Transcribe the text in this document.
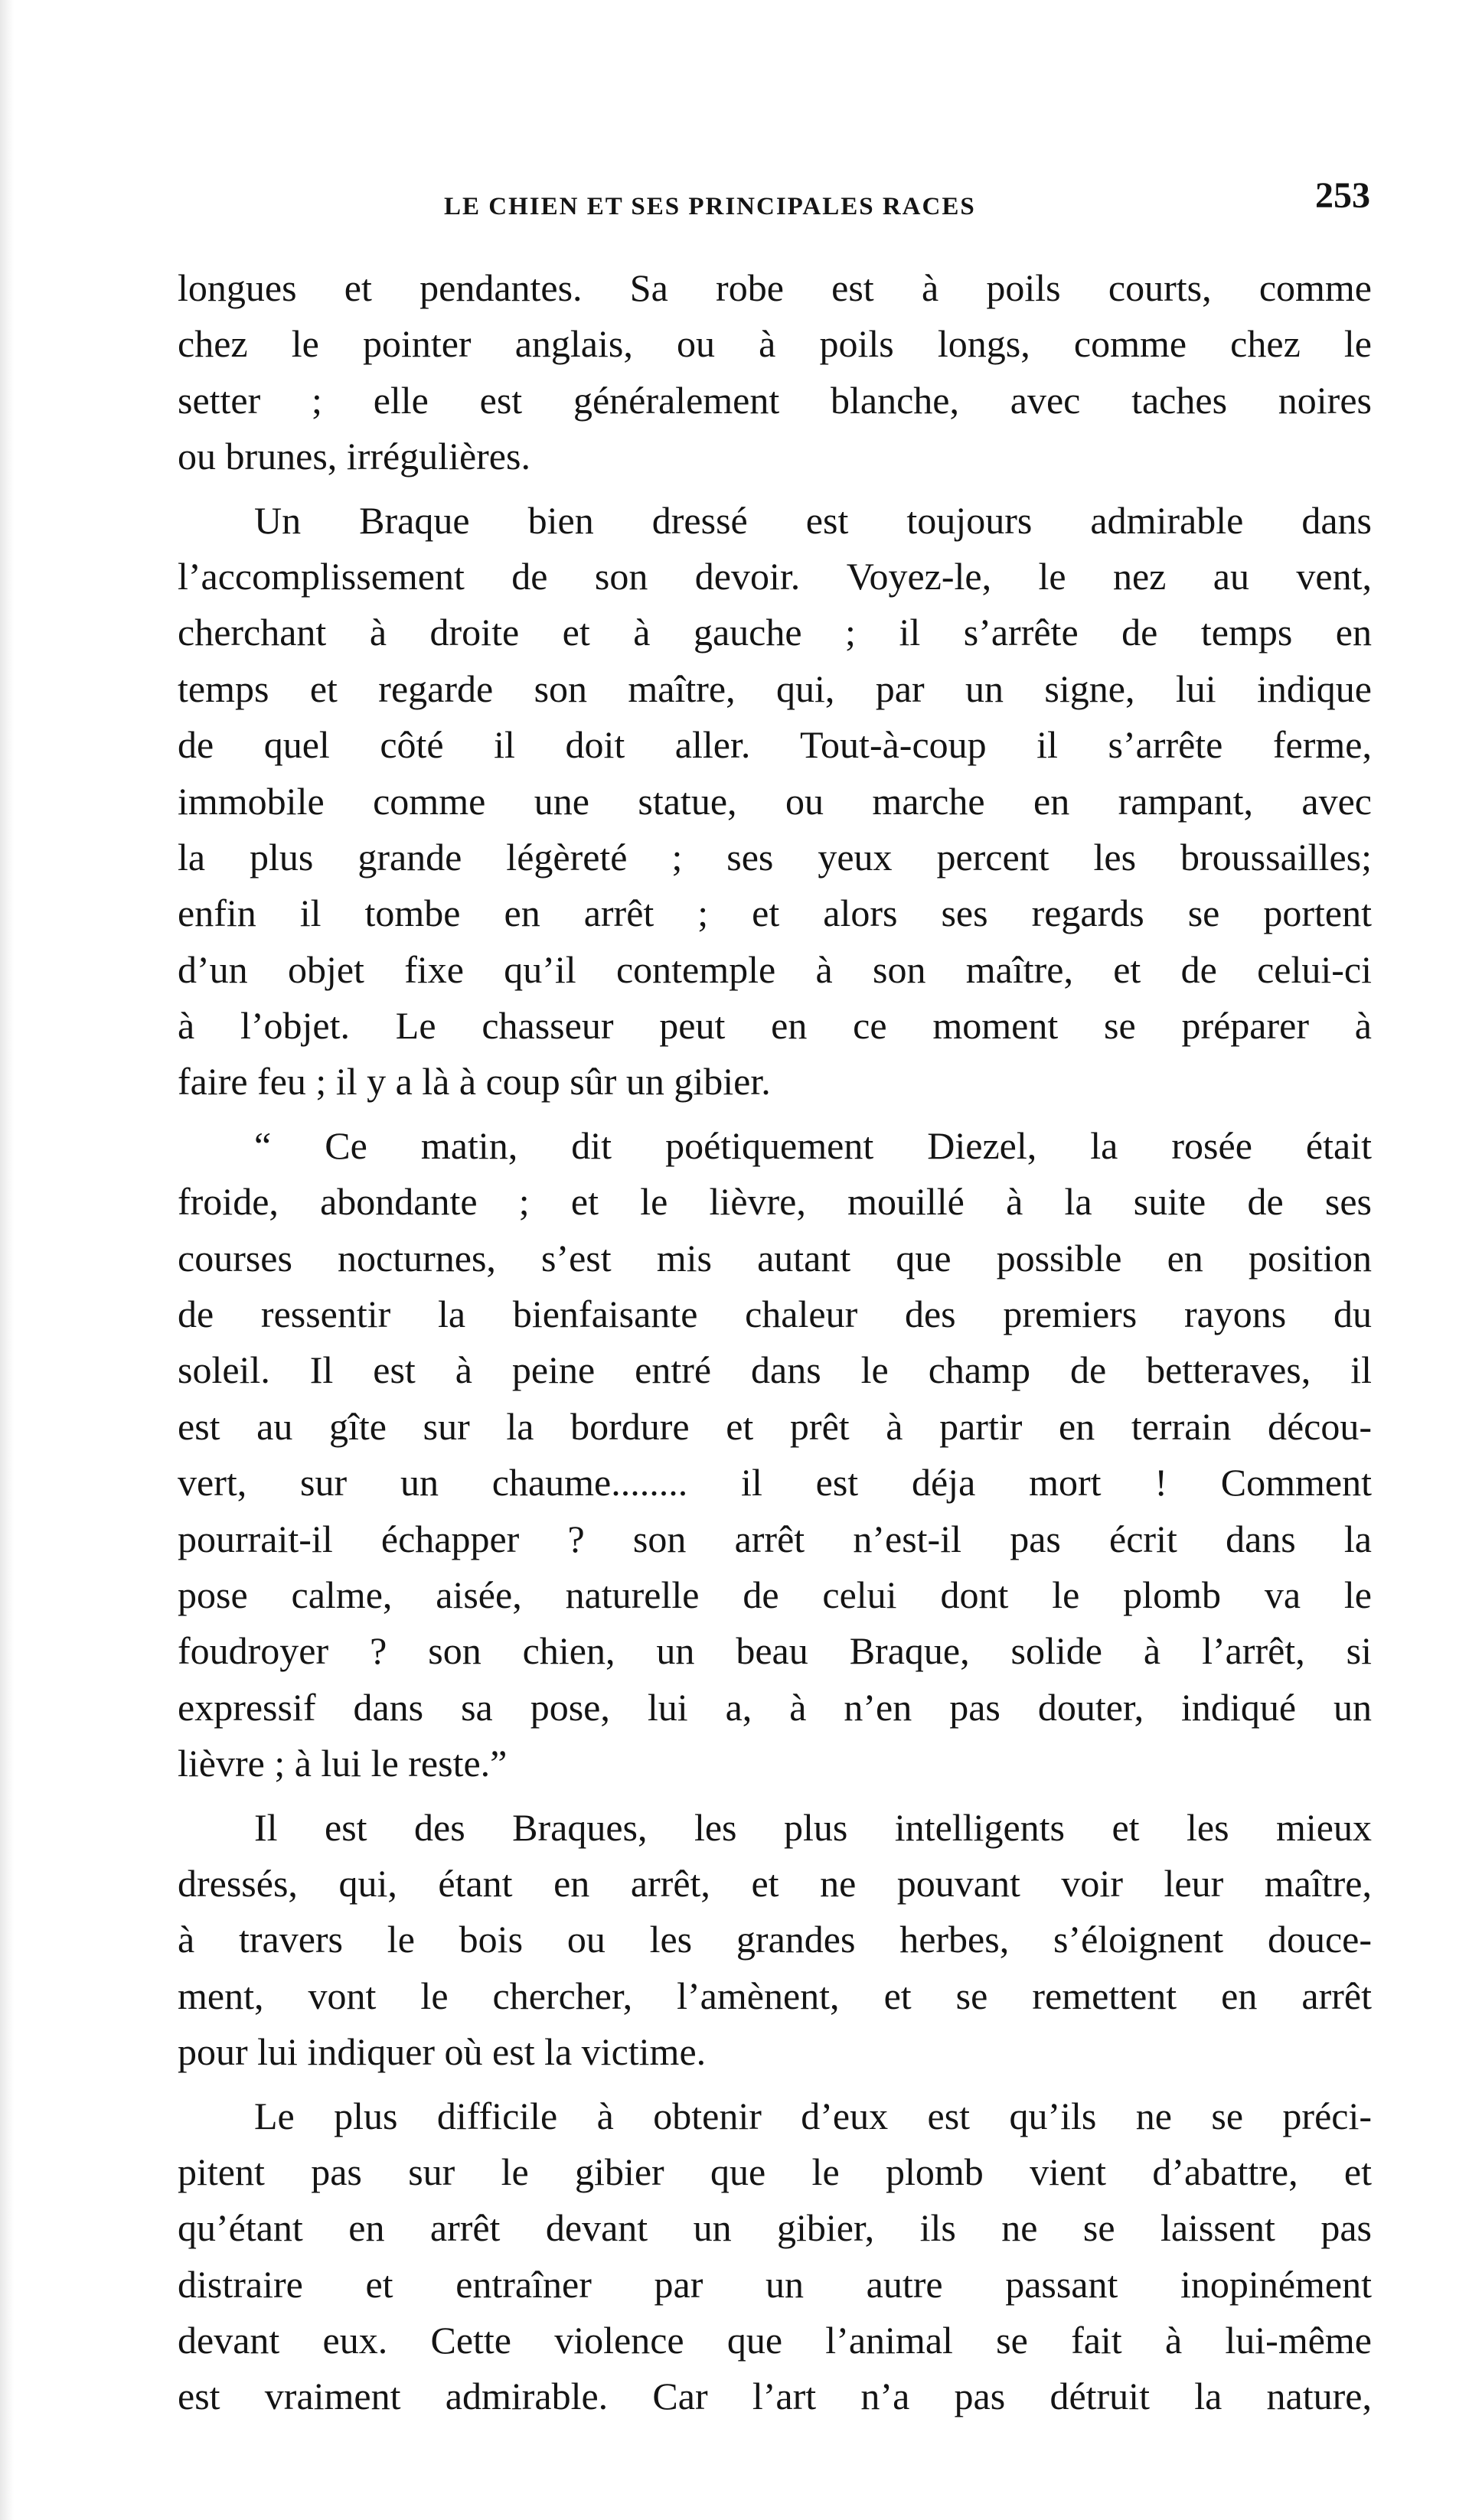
LE CHIEN ET SES PRINCIPALES RACES	253
longues et pendantes. Sa robe est à poils courts, comme
chez le pointer anglais, ou à poils longs, comme chez le
setter ; elle est généralement blanche, avec taches noires
ou brunes, irrégulières.
Un Braque bien dressé est toujours admirable dans
l’accomplissement de son devoir. Voyez-le, le nez au vent,
cherchant à droite et à gauche ; il s’arrête de temps en
temps et regarde son maître, qui, par un signe, lui indique
de quel côté il doit aller. Tout-à-coup il s’arrête ferme,
immobile comme une statue, ou marche en rampant, avec
la plus grande légèreté ; ses yeux percent les broussailles;
enfin il tombe en arrêt ; et alors ses regards se portent
d’un objet fixe qu’il contemple à son maître, et de celui-ci
à l’objet. Le chasseur peut en ce moment se préparer à
faire feu ; il y a là à coup sûr un gibier.
“ Ce matin, dit poétiquement Diezel, la rosée était
froide, abondante ; et le lièvre, mouillé à la suite de ses
courses nocturnes, s’est mis autant que possible en position
de ressentir la bienfaisante chaleur des premiers rayons du
soleil. Il est à peine entré dans le champ de betteraves, il
est au gîte sur la bordure et prêt à partir en terrain décou-
vert, sur un chaume........ il est déja mort ! Comment
pourrait-il échapper ? son arrêt n’est-il pas écrit dans la
pose calme, aisée, naturelle de celui dont le plomb va le
foudroyer ? son chien, un beau Braque, solide à l’arrêt, si
expressif dans sa pose, lui a, à n’en pas douter, indiqué un
lièvre ; à lui le reste.”
Il est des Braques, les plus intelligents et les mieux
dressés, qui, étant en arrêt, et ne pouvant voir leur maître,
à travers le bois ou les grandes herbes, s’éloignent douce-
ment, vont le chercher, l’amènent, et se remettent en arrêt
pour lui indiquer où est la victime.
Le plus difficile à obtenir d’eux est qu’ils ne se préci-
pitent pas sur le gibier que le plomb vient d’abattre, et
qu’étant en arrêt devant un gibier, ils ne se laissent pas
distraire et entraîner par un autre passant inopinément
devant eux. Cette violence que l’animal se fait à lui-même
est vraiment admirable. Car l’art n’a pas détruit la nature,
